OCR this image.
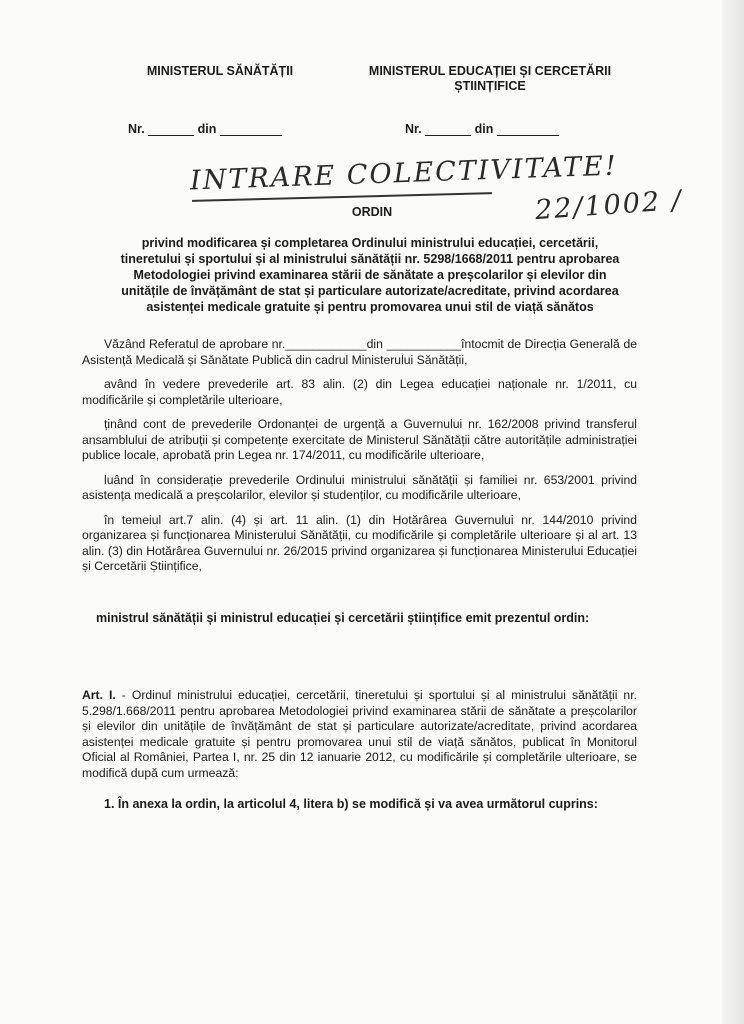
MINISTERUL SĂNĂTĂȚII	MINISTERUL EDUCAȚIEI ȘI CERCETĂRII
ȘTIINȚIFICE
Nr.	din	Nr.	din
INTRARE COLECTIVITATE!
22/1002 /
ORDIN
privind modificarea și completarea Ordinului ministrului educației, cercetării,
tineretului și sportului și al ministrului sănătății nr. 5298/1668/2011 pentru aprobarea
Metodologiei privind examinarea stării de sănătate a preșcolarilor și elevilor din
unitățile de învățământ de stat și particulare autorizate/acreditate, privind acordarea
asistenței medicale gratuite și pentru promovarea unui stil de viață sănătos

Văzând Referatul de aprobare nr.____________din ___________întocmit de Direcția Generală de Asistență Medicală și Sănătate Publică din cadrul Ministerului Sănătății,

având în vedere prevederile art. 83 alin. (2) din Legea educației naționale nr. 1/2011, cu modificările și completările ulterioare,

ținând cont de prevederile Ordonanței de urgență a Guvernului nr. 162/2008 privind transferul ansamblului de atribuții și competențe exercitate de Ministerul Sănătății către autoritățile administrației publice locale, aprobată prin Legea nr. 174/2011, cu modificările ulterioare,

luând în considerație prevederile Ordinului ministrului sănătății și familiei nr. 653/2001 privind asistența medicală a preșcolarilor, elevilor și studenților, cu modificările ulterioare,

în temeiul art.7 alin. (4) și art. 11 alin. (1) din Hotărârea Guvernului nr. 144/2010 privind organizarea și funcționarea Ministerului Sănătății, cu modificările și completările ulterioare și al art. 13 alin. (3) din Hotărârea Guvernului nr. 26/2015 privind organizarea și funcționarea Ministerului Educației și Cercetării Științifice,

ministrul sănătății și ministrul educației și cercetării științifice emit prezentul ordin:
Art. I. - Ordinul ministrului educației, cercetării, tineretului și sportului și al ministrului sănătății nr. 5.298/1.668/2011 pentru aprobarea Metodologiei privind examinarea stării de sănătate a preșcolarilor și elevilor din unitățile de învățământ de stat și particulare autorizate/acreditate, privind acordarea asistenței medicale gratuite și pentru promovarea unui stil de viață sănătos, publicat în Monitorul Oficial al României, Partea I, nr. 25 din 12 ianuarie 2012, cu modificările și completările ulterioare, se modifică după cum urmează:
1. În anexa la ordin, la articolul 4, litera b) se modifică și va avea următorul cuprins:
